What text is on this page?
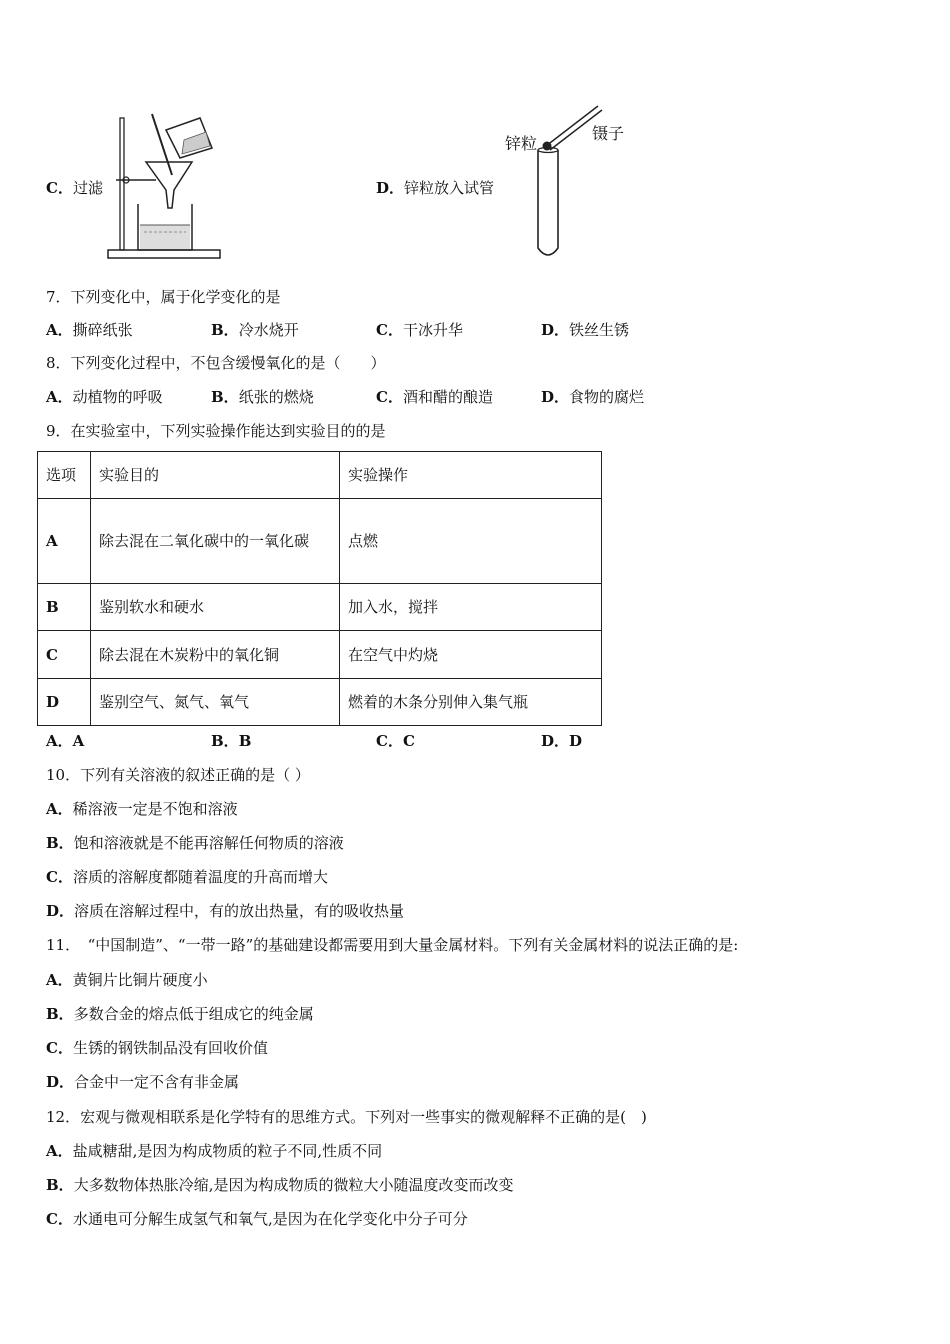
C．过滤
锌粒
镊子
D．锌粒放入试管
7．下列变化中，属于化学变化的是
A．撕碎纸张	B．冷水烧开	C．干冰升华	D．铁丝生锈
8．下列变化过程中，不包含缓慢氧化的是（　　）
A．动植物的呼吸	B．纸张的燃烧	C．酒和醋的酿造	D．食物的腐烂
9．在实验室中，下列实验操作能达到实验目的的是
选项	实验目的	实验操作
A	除去混在二氧化碳中的一氧化碳	点燃
B	鉴别软水和硬水	加入水，搅拌
C	除去混在木炭粉中的氧化铜	在空气中灼烧
D	鉴别空气、氮气、氧气	燃着的木条分别伸入集气瓶
A．A	B．B	C．C	D．D
10．下列有关溶液的叙述正确的是（ ）
A．稀溶液一定是不饱和溶液
B．饱和溶液就是不能再溶解任何物质的溶液
C．溶质的溶解度都随着温度的升高而增大
D．溶质在溶解过程中，有的放出热量，有的吸收热量
11．　“中国制造”、“一带一路”的基础建设都需要用到大量金属材料。下列有关金属材料的说法正确的是:
A．黄铜片比铜片硬度小
B．多数合金的熔点低于组成它的纯金属
C．生锈的钢铁制品没有回收价值
D．合金中一定不含有非金属
12．宏观与微观相联系是化学特有的思维方式。下列对一些事实的微观解释不正确的是(　)
A．盐咸糖甜,是因为构成物质的粒子不同,性质不同
B．大多数物体热胀冷缩,是因为构成物质的微粒大小随温度改变而改变
C．水通电可分解生成氢气和氧气,是因为在化学变化中分子可分
